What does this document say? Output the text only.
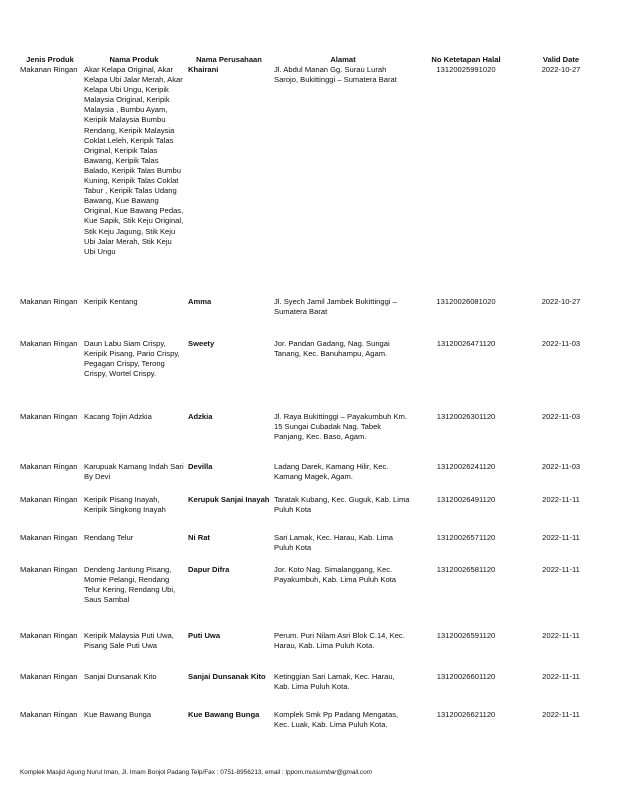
Jenis Produk	Nama Produk	Nama Perusahaan	Alamat	No Ketetapan Halal	Valid Date
Makanan Ringan	Akar Kelapa Original, Akar Kelapa Ubi Jalar Merah, Akar Kelapa Ubi Ungu, Keripik Malaysia Original, Keripik Malaysia , Bumbu Ayam, Keripik Malaysia Bumbu Rendang, Keripik Malaysia Coklat Leleh, Keripik Talas Original, Keripik Talas Bawang, Keripik Talas Balado, Keripik Talas Bumbu Kuning, Keripik Talas Coklat Tabur , Keripik Talas Udang Bawang, Kue Bawang Original, Kue Bawang Pedas, Kue Sapik, Stik Keju Original, Stik Keju Jagung, Stik Keju Ubi Jalar Merah, Stik Keju Ubi Ungu	Khairani	Jl. Abdul Manan Gg. Surau Lurah Sarojo, Bukittinggi – Sumatera Barat	13120025991020	2022-10-27
Makanan Ringan	Keripik Kentang	Amma	Jl. Syech Jamil Jambek Bukittinggi – Sumatera Barat	13120026081020	2022-10-27
Makanan Ringan	Daun Labu Siam Crispy, Keripik Pisang, Pario Crispy, Pegagan Crispy, Terong Crispy, Wortel Crispy.	Sweety	Jor. Pandan Gadang, Nag. Sungai Tanang, Kec. Banuhampu, Agam.	13120026471120	2022-11-03
Makanan Ringan	Kacang Tojin Adzkia	Adzkia	Jl. Raya Bukittinggi – Payakumbuh Km. 15 Sungai Cubadak Nag. Tabek Panjang, Kec. Baso, Agam.	13120026301120	2022-11-03
Makanan Ringan	Karupuak Kamang Indah Sari By Devi	Devilla	Ladang Darek, Kamang Hilir, Kec. Kamang Magek, Agam.	13120026241120	2022-11-03
Makanan Ringan	Keripik Pisang Inayah, Keripik Singkong Inayah	Kerupuk Sanjai Inayah	Taratak Kubang, Kec. Guguk, Kab. Lima Puluh Kota	13120026491120	2022-11-11
Makanan Ringan	Rendang Telur	Ni Rat	Sari Lamak, Kec. Harau, Kab. Lima Puluh Kota	13120026571120	2022-11-11
Makanan Ringan	Dendeng Jantung Pisang, Momie Pelangi, Rendang Telur Kering, Rendang Ubi, Saus Sambal	Dapur Difra	Jor. Koto Nag. Simalanggang, Kec. Payakumbuh, Kab. Lima Puluh Kota	13120026581120	2022-11-11
Makanan Ringan	Keripik Malaysia Puti Uwa, Pisang Sale Puti Uwa	Puti Uwa	Perum. Puri Nilam Asri Blok C.14, Kec. Harau, Kab. Lima Puluh Kota.	13120026591120	2022-11-11
Makanan Ringan	Sanjai Dunsanak Kito	Sanjai Dunsanak Kito	Ketinggian Sari Lamak, Kec. Harau, Kab. Lima Puluh Kota.	13120026601120	2022-11-11
Makanan Ringan	Kue Bawang Bunga	Kue Bawang Bunga	Komplek Smk Pp Padang Mengatas, Kec. Luak, Kab. Lima Puluh Kota.	13120026621120	2022-11-11
Komplek Masjid Agung Nurul Iman, Jl. Imam Bonjol Padang Telp/Fax : 0751-8956213, email : lppom.muisumbar@gmail.com
